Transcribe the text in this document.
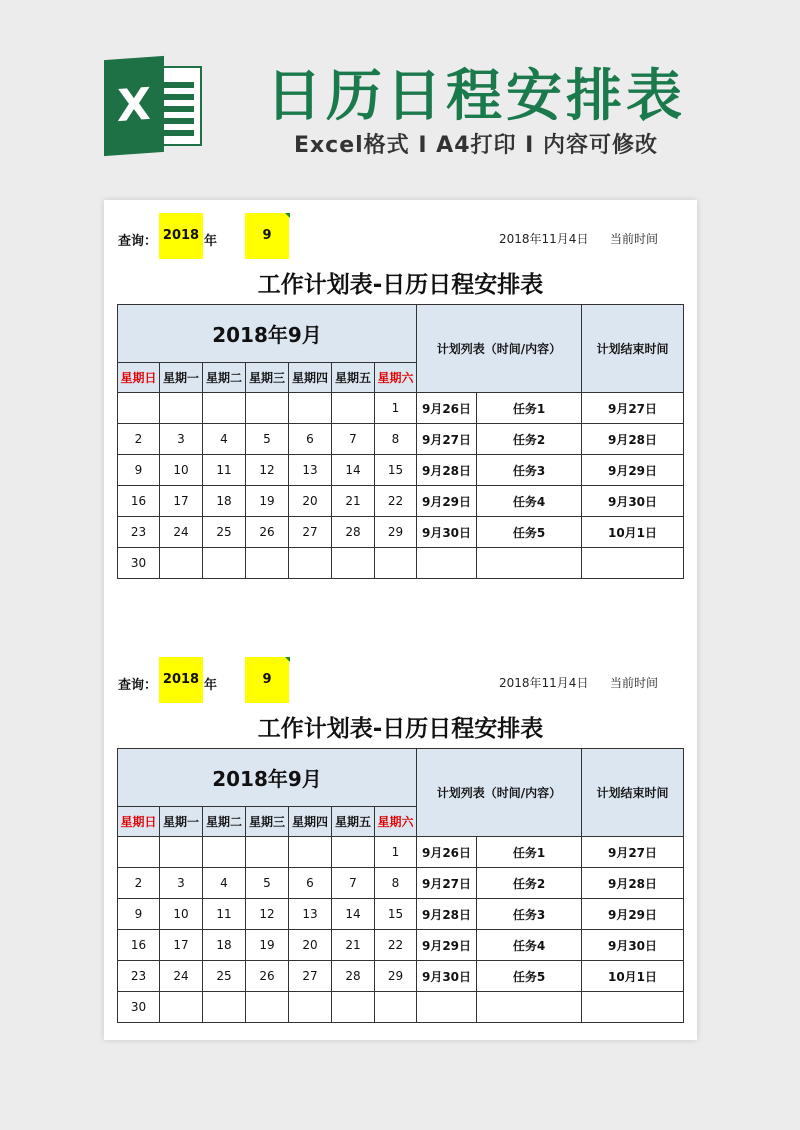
X	日历日程安排表
Excel格式 I A4打印 I 内容可修改
查询： 2018 年	9	2018年11月4日 当前时间
工作计划表-日历日程安排表
2018年9月							计划列表（时间/内容）		计划结束时间
星期日	星期一	星期二	星期三	星期四	星期五	星期六			
						1	9月26日	任务1	9月27日
2	3	4	5	6	7	8	9月27日	任务2	9月28日
9	10	11	12	13	14	15	9月28日	任务3	9月29日
16	17	18	19	20	21	22	9月29日	任务4	9月30日
23	24	25	26	27	28	29	9月30日	任务5	10月1日
30									
查询： 2018 年	9	2018年11月4日 当前时间
工作计划表-日历日程安排表
2018年9月							计划列表（时间/内容）		计划结束时间
星期日	星期一	星期二	星期三	星期四	星期五	星期六			
						1	9月26日	任务1	9月27日
2	3	4	5	6	7	8	9月27日	任务2	9月28日
9	10	11	12	13	14	15	9月28日	任务3	9月29日
16	17	18	19	20	21	22	9月29日	任务4	9月30日
23	24	25	26	27	28	29	9月30日	任务5	10月1日
30									
